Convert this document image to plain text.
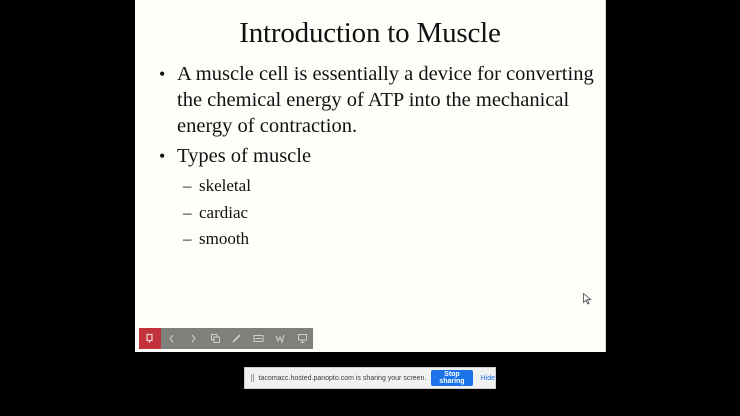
Introduction to Muscle
• A muscle cell is essentially a device for converting the chemical energy of ATP into the mechanical energy of contraction.
• Types of muscle
– skeletal
– cardiac
– smooth
tacomacc.hosted.panopto.com is sharing your screen.	Stop sharing	Hide
